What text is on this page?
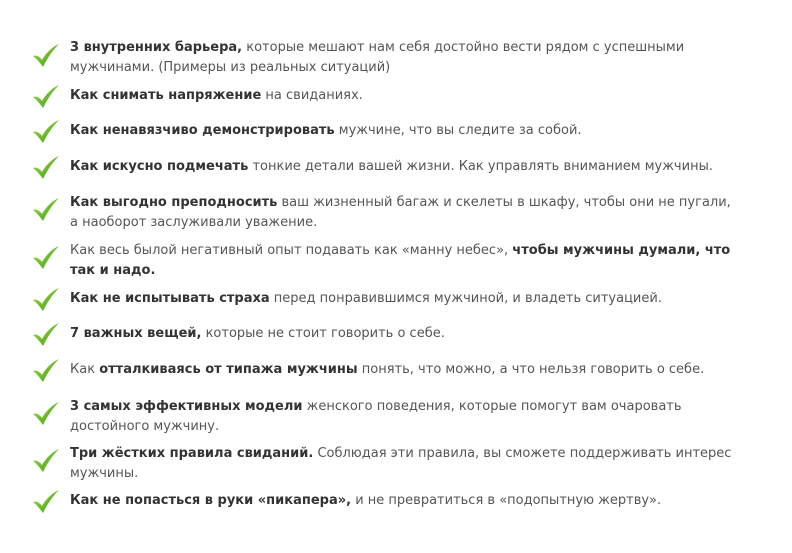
3 внутренних барьера, которые мешают нам себя достойно вести рядом с успешными
мужчинами. (Примеры из реальных ситуаций)
Как снимать напряжение на свиданиях.
Как ненавязчиво демонстрировать мужчине, что вы следите за собой.
Как искусно подмечать тонкие детали вашей жизни. Как управлять вниманием мужчины.
Как выгодно преподносить ваш жизненный багаж и скелеты в шкафу, чтобы они не пугали,
а наоборот заслуживали уважение.
Как весь былой негативный опыт подавать как «манну небес», чтобы мужчины думали, что
так и надо.
Как не испытывать страха перед понравившимся мужчиной, и владеть ситуацией.
7 важных вещей, которые не стоит говорить о себе.
Как отталкиваясь от типажа мужчины понять, что можно, а что нельзя говорить о себе.
3 самых эффективных модели женского поведения, которые помогут вам очаровать
достойного мужчину.
Три жёстких правила свиданий. Соблюдая эти правила, вы сможете поддерживать интерес
мужчины.
Как не попасться в руки «пикапера», и не превратиться в «подопытную жертву».
